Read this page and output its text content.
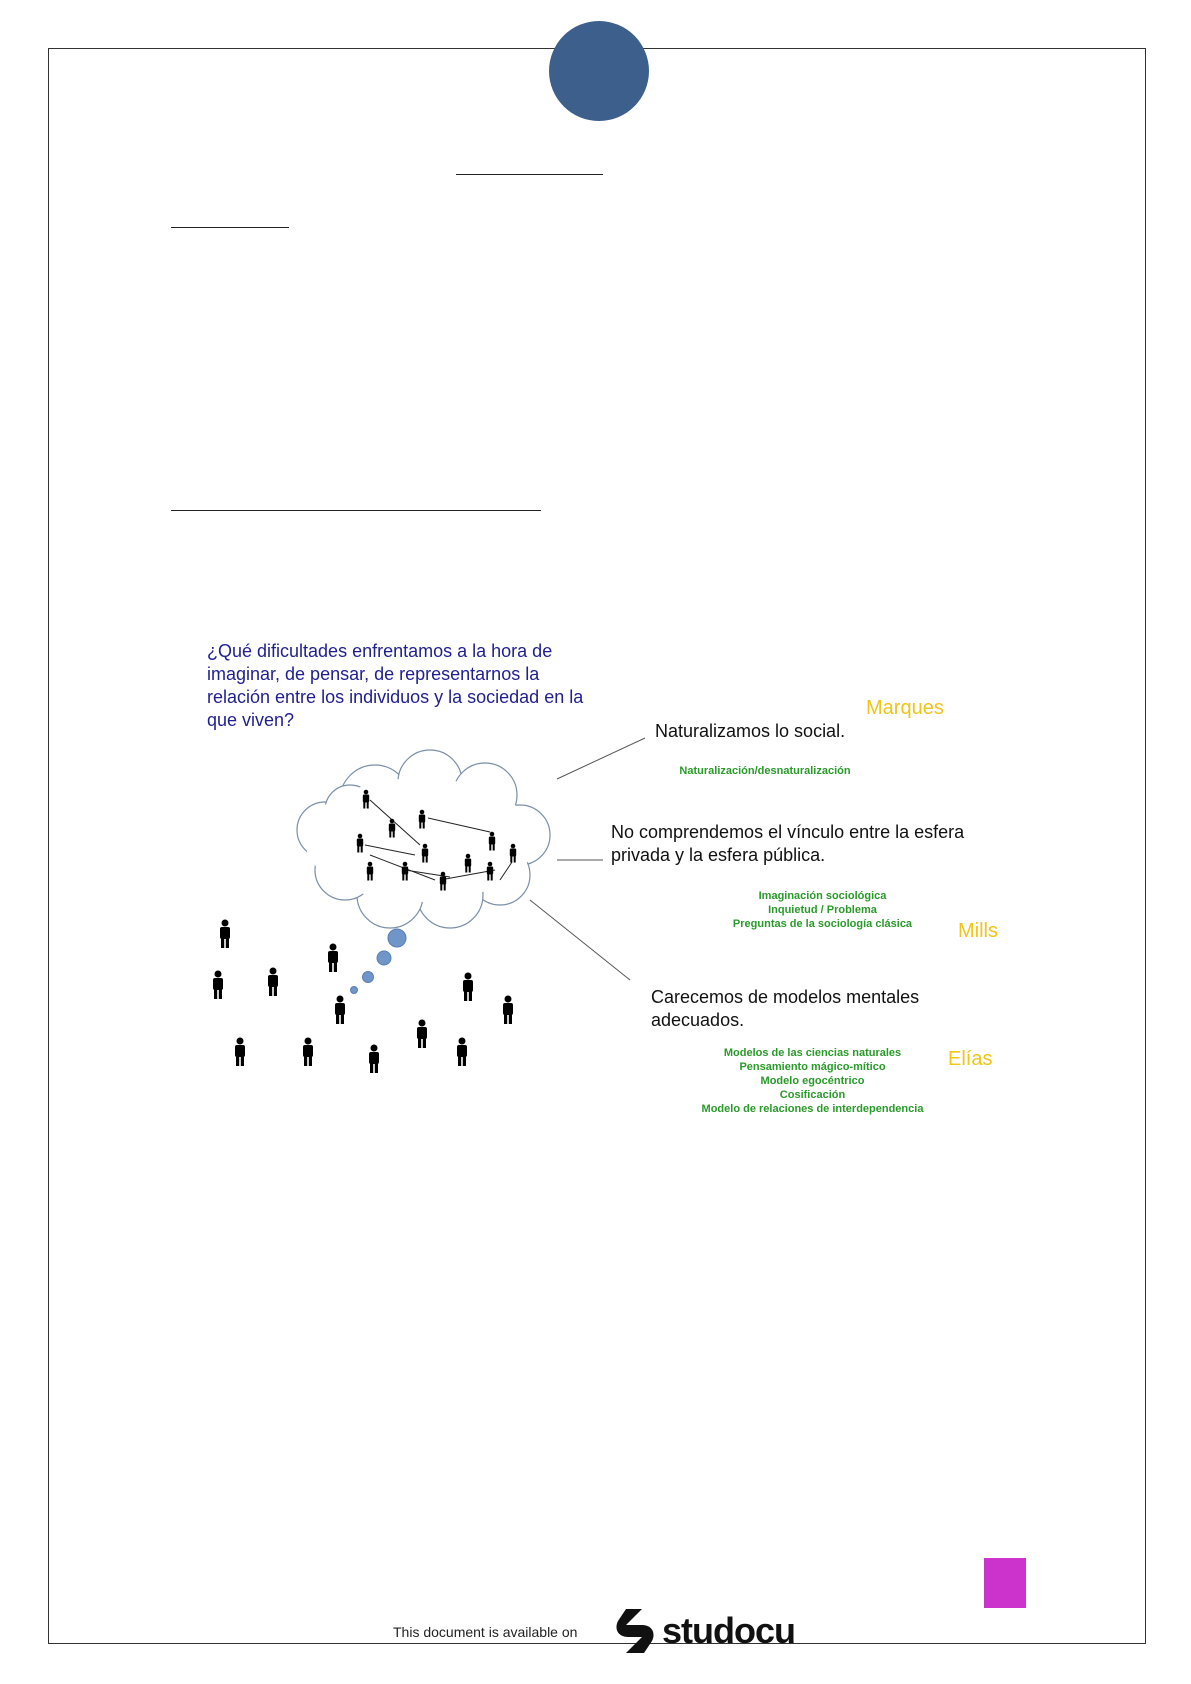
¿Qué dificultades enfrentamos a la hora de imaginar, de pensar, de representarnos la relación entre los individuos y la sociedad en la que viven?
Marques
Naturalizamos lo social.
Naturalización/desnaturalización
No comprendemos el vínculo entre la esfera privada y la esfera pública.
Imaginación sociológica
Inquietud / Problema
Preguntas de la sociología clásica	Mills
Carecemos de modelos mentales adecuados.
Modelos de las ciencias naturales
Pensamiento mágico-mítico
Modelo egocéntrico
Cosificación
Modelo de relaciones de interdependencia
Elías
This document is available on studocu
